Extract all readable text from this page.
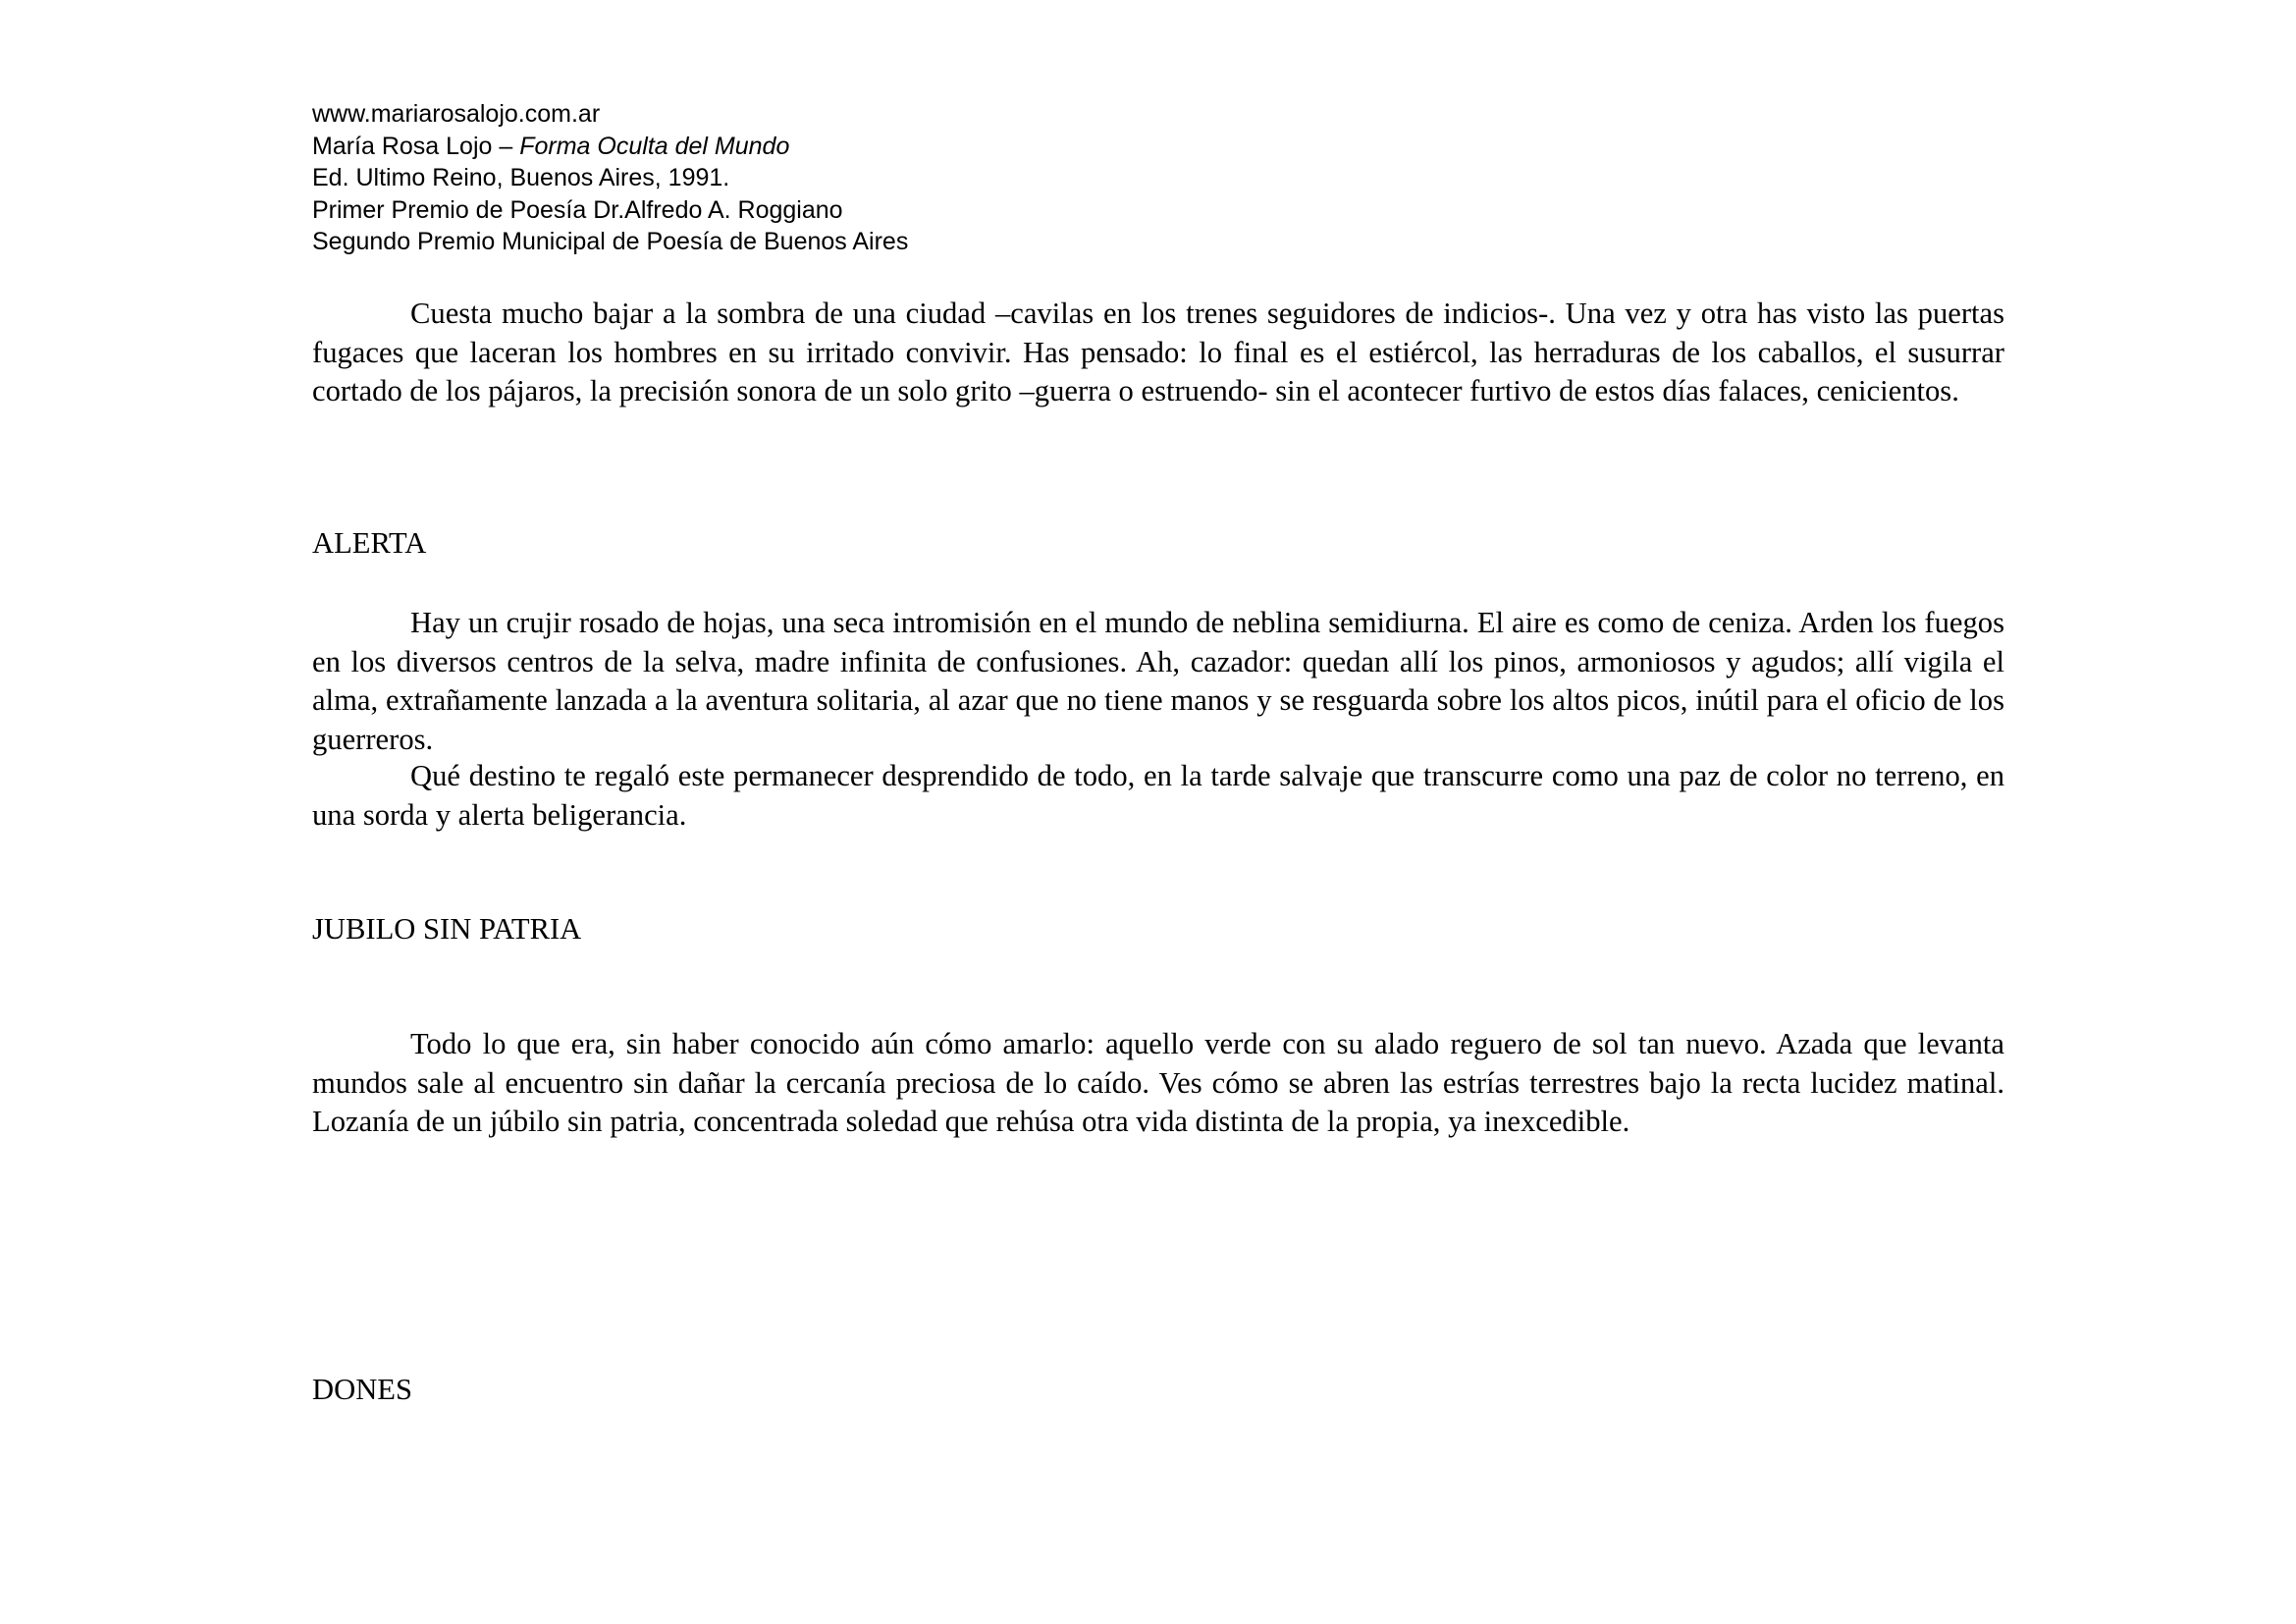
www.mariarosalojo.com.ar
María Rosa Lojo – Forma Oculta del Mundo
Ed. Ultimo Reino, Buenos Aires, 1991.
Primer Premio de Poesía Dr.Alfredo A. Roggiano
Segundo Premio Municipal de Poesía de Buenos Aires

Cuesta mucho bajar a la sombra de una ciudad –cavilas en los trenes seguidores de indicios-. Una vez y otra has visto las puertas fugaces que laceran los hombres en su irritado convivir. Has pensado: lo final es el estiércol, las herraduras de los caballos, el susurrar cortado de los pájaros, la precisión sonora de un solo grito –guerra o estruendo- sin el acontecer furtivo de estos días falaces, cenicientos.

ALERTA

Hay un crujir rosado de hojas, una seca intromisión en el mundo de neblina semidiurna. El aire es como de ceniza. Arden los fuegos en los diversos centros de la selva, madre infinita de confusiones. Ah, cazador: quedan allí los pinos, armoniosos y agudos; allí vigila el alma, extrañamente lanzada a la aventura solitaria, al azar que no tiene manos y se resguarda sobre los altos picos, inútil para el oficio de los guerreros.

Qué destino te regaló este permanecer desprendido de todo, en la tarde salvaje que transcurre como una paz de color no terreno, en una sorda y alerta beligerancia.

JUBILO SIN PATRIA

Todo lo que era, sin haber conocido aún cómo amarlo: aquello verde con su alado reguero de sol tan nuevo. Azada que levanta mundos sale al encuentro sin dañar la cercanía preciosa de lo caído. Ves cómo se abren las estrías terrestres bajo la recta lucidez matinal. Lozanía de un júbilo sin patria, concentrada soledad que rehúsa otra vida distinta de la propia, ya inexcedible.

DONES
